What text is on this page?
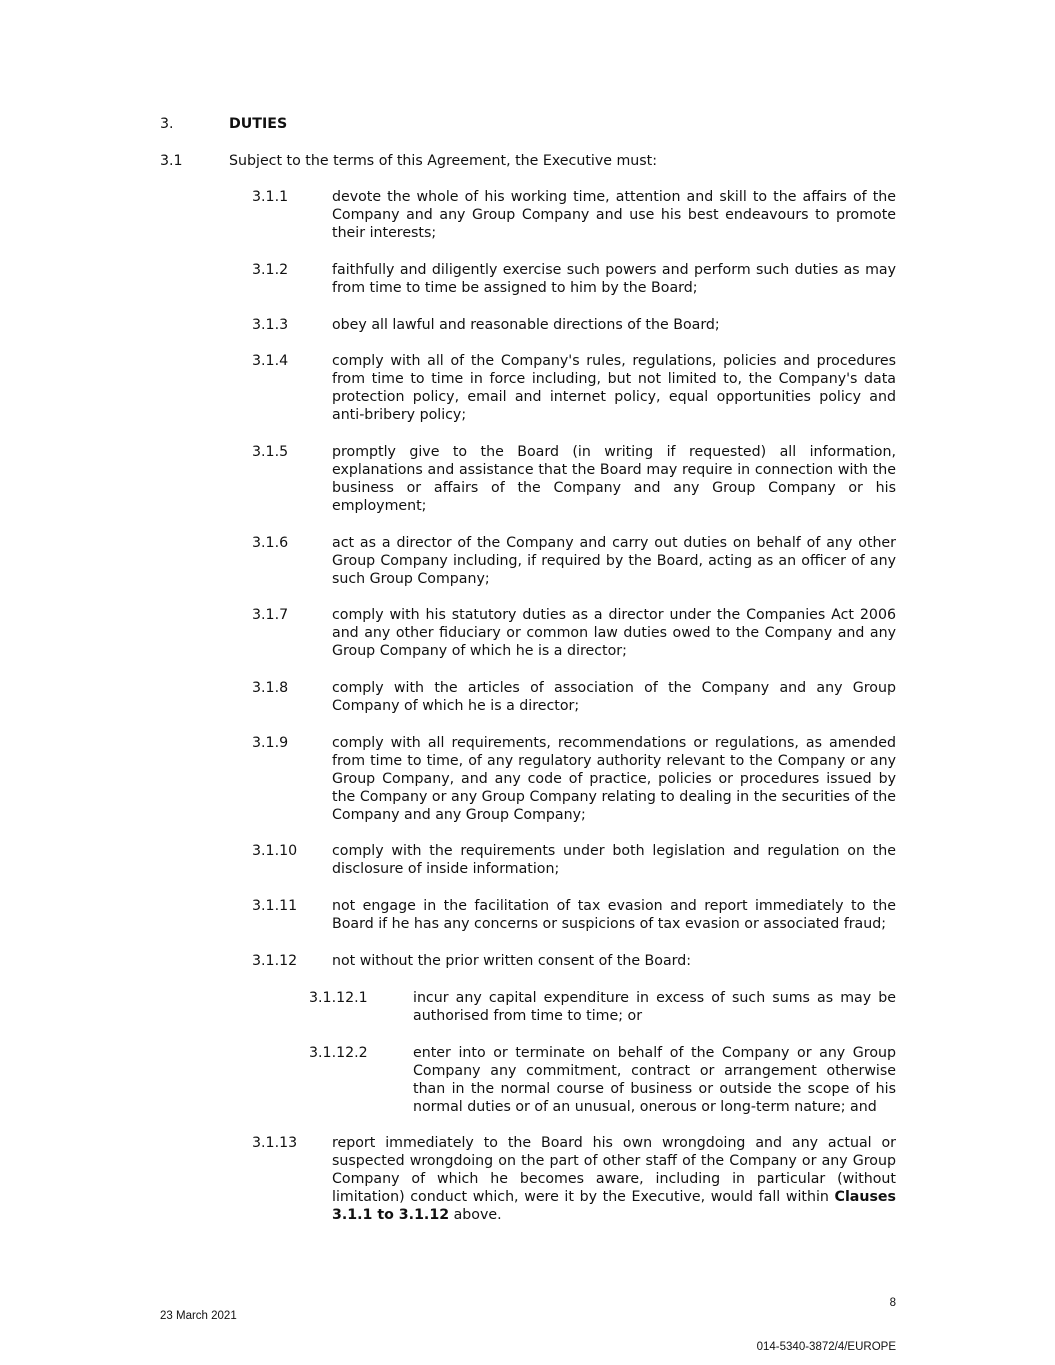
3.	DUTIES
3.1	Subject to the terms of this Agreement, the Executive must:
3.1.1	devote the whole of his working time, attention and skill to the affairs of the Company and any Group Company and use his best endeavours to promote their interests;
3.1.2	faithfully and diligently exercise such powers and perform such duties as may from time to time be assigned to him by the Board;
3.1.3	obey all lawful and reasonable directions of the Board;
3.1.4	comply with all of the Company's rules, regulations, policies and procedures from time to time in force including, but not limited to, the Company's data protection policy, email and internet policy, equal opportunities policy and anti-bribery policy;
3.1.5	promptly give to the Board (in writing if requested) all information, explanations and assistance that the Board may require in connection with the business or affairs of the Company and any Group Company or his employment;
3.1.6	act as a director of the Company and carry out duties on behalf of any other Group Company including, if required by the Board, acting as an officer of any such Group Company;
3.1.7	comply with his statutory duties as a director under the Companies Act 2006 and any other fiduciary or common law duties owed to the Company and any Group Company of which he is a director;
3.1.8	comply with the articles of association of the Company and any Group Company of which he is a director;
3.1.9	comply with all requirements, recommendations or regulations, as amended from time to time, of any regulatory authority relevant to the Company or any Group Company, and any code of practice, policies or procedures issued by the Company or any Group Company relating to dealing in the securities of the Company and any Group Company;
3.1.10 comply with the requirements under both legislation and regulation on the disclosure of inside information;
3.1.11 not engage in the facilitation of tax evasion and report immediately to the Board if he has any concerns or suspicions of tax evasion or associated fraud;
3.1.12 not without the prior written consent of the Board:
3.1.12.1	incur any capital expenditure in excess of such sums as may be authorised from time to time; or
3.1.12.2	enter into or terminate on behalf of the Company or any Group Company any commitment, contract or arrangement otherwise than in the normal course of business or outside the scope of his normal duties or of an unusual, onerous or long-term nature; and
3.1.13 report immediately to the Board his own wrongdoing and any actual or suspected wrongdoing on the part of other staff of the Company or any Group Company of which he becomes aware, including in particular (without limitation) conduct which, were it by the Executive, would fall within Clauses 3.1.1 to 3.1.12 above.
8
23 March 2021
014-5340-3872/4/EUROPE
